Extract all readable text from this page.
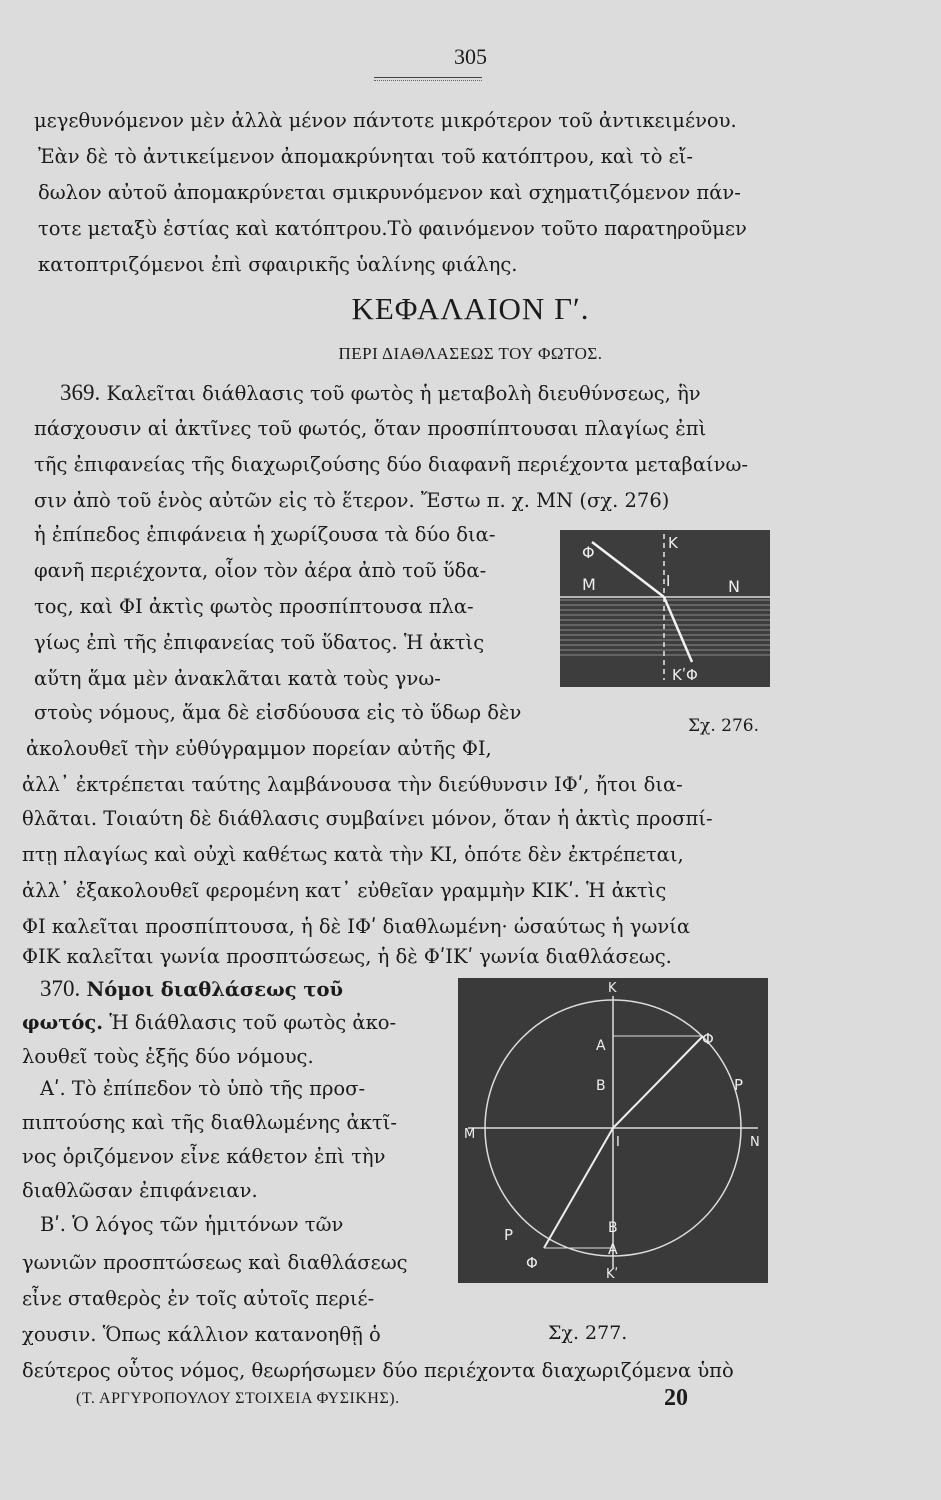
305
μεγεθυνόμενον μὲν ἀλλὰ μένον πάντοτε μικρότερον τοῦ ἀντικειμένου.
Ἐὰν δὲ τὸ ἀντικείμενον ἀπομακρύνηται τοῦ κατόπτρου, καὶ τὸ εἴ-
δωλον αὐτοῦ ἀπομακρύνεται σμικρυνόμενον καὶ σχηματιζόμενον πάν-
τοτε μεταξὺ ἑστίας καὶ κατόπτρου.Τὸ φαινόμενον τοῦτο παρατηροῦμεν
κατοπτριζόμενοι ἐπὶ σφαιρικῆς ὑαλίνης φιάλης.
ΚΕΦΑΛΑΙΟΝ Γʹ.
ΠΕΡΙ ΔΙΑΘΛΑΣΕΩΣ ΤΟΥ ΦΩΤΟΣ.
369. Καλεῖται διάθλασις τοῦ φωτὸς ἡ μεταβολὴ διευθύνσεως, ἣν
πάσχουσιν αἱ ἀκτῖνες τοῦ φωτός, ὅταν προσπίπτουσαι πλαγίως ἐπὶ
τῆς ἐπιφανείας τῆς διαχωριζούσης δύο διαφανῆ περιέχοντα μεταβαίνω-
σιν ἀπὸ τοῦ ἑνὸς αὐτῶν εἰς τὸ ἕτερον. Ἔστω π. χ. ΜΝ (σχ. 276)
ἡ ἐπίπεδος ἐπιφάνεια ἡ χωρίζουσα τὰ δύο δια-
φανῆ περιέχοντα, οἷον τὸν ἀέρα ἀπὸ τοῦ ὕδα-
τος, καὶ ΦΙ ἀκτὶς φωτὸς προσπίπτουσα πλα-
γίως ἐπὶ τῆς ἐπιφανείας τοῦ ὕδατος. Ἡ ἀκτὶς
αὕτη ἅμα μὲν ἀνακλᾶται κατὰ τοὺς γνω-
στοὺς νόμους, ἅμα δὲ εἰσδύουσα εἰς τὸ ὕδωρ δὲν
ἀκολουθεῖ τὴν εὐθύγραμμον πορείαν αὐτῆς ΦΙ,
Φ	Κ
Μ	Ι	Ν
ΚʹΦ
Σχ. 276.
ἀλλ᾽ ἐκτρέπεται ταύτης λαμβάνουσα τὴν διεύθυνσιν ΙΦʹ, ἤτοι δια-
θλᾶται. Τοιαύτη δὲ διάθλασις συμβαίνει μόνον, ὅταν ἡ ἀκτὶς προσπί-
πτῃ πλαγίως καὶ οὐχὶ καθέτως κατὰ τὴν ΚΙ, ὁπότε δὲν ἐκτρέπεται,
ἀλλ᾽ ἐξακολουθεῖ φερομένη κατ᾽ εὐθεῖαν γραμμὴν ΚΙΚʹ. Ἡ ἀκτὶς
ΦΙ καλεῖται προσπίπτουσα, ἡ δὲ ΙΦʹ διαθλωμένη· ὡσαύτως ἡ γωνία
ΦΙΚ καλεῖται γωνία προσπτώσεως, ἡ δὲ ΦʹΙΚʹ γωνία διαθλάσεως.
370. Νόμοι διαθλάσεως τοῦ
φωτός. Ἡ διάθλασις τοῦ φωτὸς ἀκο-
λουθεῖ τοὺς ἑξῆς δύο νόμους.
Αʹ. Τὸ ἐπίπεδον τὸ ὑπὸ τῆς προσ-
πιπτούσης καὶ τῆς διαθλωμένης ἀκτῖ-
νος ὁριζόμενον εἶνε κάθετον ἐπὶ τὴν
διαθλῶσαν ἐπιφάνειαν.
Βʹ. Ὁ λόγος τῶν ἡμιτόνων τῶν
γωνιῶν προσπτώσεως καὶ διαθλάσεως
εἶνε σταθερὸς ἐν τοῖς αὐτοῖς περιέ-
χουσιν. Ὅπως κάλλιον κατανοηθῇ ὁ
δεύτερος οὗτος νόμος, θεωρήσωμεν δύο περιέχοντα διαχωριζόμενα ὑπὸ
Κ
Φ
Α
Β	Ρ
Μ
Ν
Ι
Ρ	Β
Α
Φ
Κʹ
Σχ. 277.
(Τ. ΑΡΓΥΡΟΠΟΥΛΟΥ ΣΤΟΙΧΕΙΑ ΦΥΣΙΚΗΣ).	20
